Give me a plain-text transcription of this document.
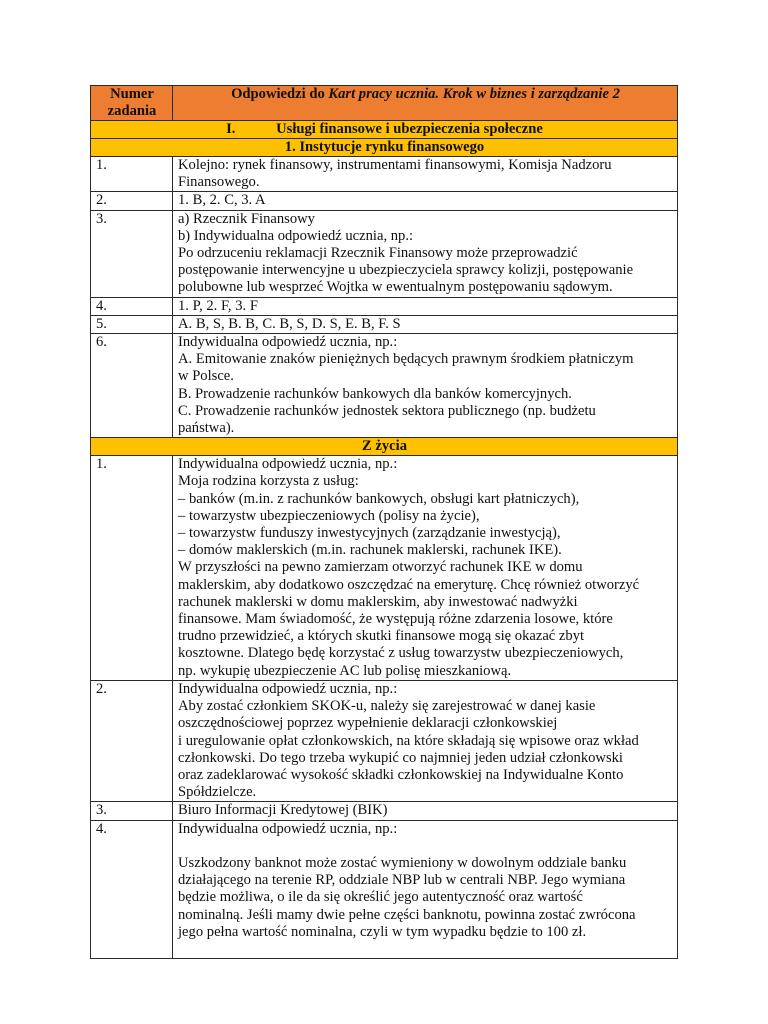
Numer zadania	Odpowiedzi do Kart pracy ucznia. Krok w biznes i zarządzanie 2
I. Usługi finansowe i ubezpieczenia społeczne	
1. Instytucje rynku finansowego	
1.	Kolejno: rynek finansowy, instrumentami finansowymi, Komisja Nadzoru
Finansowego.

2.	1. B, 2. C, 3. A

3.	a) Rzecznik Finansowy
b) Indywidualna odpowiedź ucznia, np.:
Po odrzuceniu reklamacji Rzecznik Finansowy może przeprowadzić
postępowanie interwencyjne u ubezpieczyciela sprawcy kolizji, postępowanie
polubowne lub wesprzeć Wojtka w ewentualnym postępowaniu sądowym.

4.	1. P, 2. F, 3. F

5.	A. B, S, B. B, C. B, S, D. S, E. B, F. S

6.	Indywidualna odpowiedź ucznia, np.:
A. Emitowanie znaków pieniężnych będących prawnym środkiem płatniczym
w Polsce.
B. Prowadzenie rachunków bankowych dla banków komercyjnych.
C. Prowadzenie rachunków jednostek sektora publicznego (np. budżetu
państwa).

Z życia	
1.	Indywidualna odpowiedź ucznia, np.:
Moja rodzina korzysta z usług:
– banków (m.in. z rachunków bankowych, obsługi kart płatniczych),
– towarzystw ubezpieczeniowych (polisy na życie),
– towarzystw funduszy inwestycyjnych (zarządzanie inwestycją),
– domów maklerskich (m.in. rachunek maklerski, rachunek IKE).
W przyszłości na pewno zamierzam otworzyć rachunek IKE w domu
maklerskim, aby dodatkowo oszczędzać na emeryturę. Chcę również otworzyć
rachunek maklerski w domu maklerskim, aby inwestować nadwyżki
finansowe. Mam świadomość, że występują różne zdarzenia losowe, które
trudno przewidzieć, a których skutki finansowe mogą się okazać zbyt
kosztowne. Dlatego będę korzystać z usług towarzystw ubezpieczeniowych,
np. wykupię ubezpieczenie AC lub polisę mieszkaniową.

2.	Indywidualna odpowiedź ucznia, np.:
Aby zostać członkiem SKOK-u, należy się zarejestrować w danej kasie
oszczędnościowej poprzez wypełnienie deklaracji członkowskiej
i uregulowanie opłat członkowskich, na które składają się wpisowe oraz wkład
członkowski. Do tego trzeba wykupić co najmniej jeden udział członkowski
oraz zadeklarować wysokość składki członkowskiej na Indywidualne Konto
Spółdzielcze.

3.	Biuro Informacji Kredytowej (BIK)

4.	Indywidualna odpowiedź ucznia, np.:
Uszkodzony banknot może zostać wymieniony w dowolnym oddziale banku
działającego na terenie RP, oddziale NBP lub w centrali NBP. Jego wymiana
będzie możliwa, o ile da się określić jego autentyczność oraz wartość
nominalną. Jeśli mamy dwie pełne części banknotu, powinna zostać zwrócona
jego pełna wartość nominalna, czyli w tym wypadku będzie to 100 zł.
